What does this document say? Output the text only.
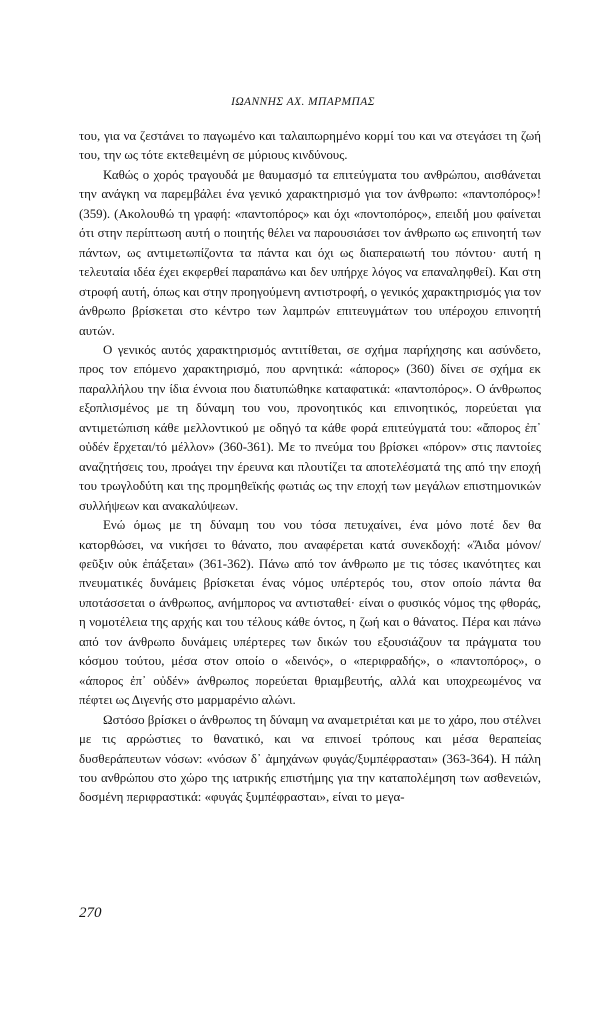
ΙΩΑΝΝΗΣ ΑΧ. ΜΠΑΡΜΠΑΣ

του, για να ζεστάνει το παγωμένο και ταλαιπωρημένο κορμί του και να στεγάσει τη ζωή του, την ως τότε εκτεθειμένη σε μύριους κινδύνους.

Καθώς ο χορός τραγουδά με θαυμασμό τα επιτεύγματα του ανθρώπου, αισθάνεται την ανάγκη να παρεμβάλει ένα γενικό χαρακτηρισμό για τον άνθρωπο: «παντοπόρος»! (359). (Ακολουθώ τη γραφή: «παντοπόρος» και όχι «ποντοπόρος», επειδή μου φαίνεται ότι στην περίπτωση αυτή ο ποιητής θέλει να παρουσιάσει τον άνθρωπο ως επινοητή των πάντων, ως αντιμετωπίζοντα τα πάντα και όχι ως διαπεραιωτή του πόντου· αυτή η τελευταία ιδέα έχει εκφερθεί παραπάνω και δεν υπήρχε λόγος να επαναληφθεί). Και στη στροφή αυτή, όπως και στην προηγούμενη αντιστροφή, ο γενικός χαρακτηρισμός για τον άνθρωπο βρίσκεται στο κέντρο των λαμπρών επιτευγμάτων του υπέροχου επινοητή αυτών.

Ο γενικός αυτός χαρακτηρισμός αντιτίθεται, σε σχήμα παρήχησης και ασύνδετο, προς τον επόμενο χαρακτηρισμό, που αρνητικά: «άπορος» (360) δίνει σε σχήμα εκ παραλλήλου την ίδια έννοια που διατυπώθηκε καταφατικά: «παντοπόρος». Ο άνθρωπος εξοπλισμένος με τη δύναμη του νου, προνοητικός και επινοητικός, πορεύεται για αντιμετώπιση κάθε μελλοντικού με οδηγό τα κάθε φορά επιτεύγματά του: «ἄπορος ἐπ᾽ οὐδέν ἔρχεται/τό μέλλον» (360-361). Με το πνεύμα του βρίσκει «πόρον» στις παντοίες αναζητήσεις του, προάγει την έρευνα και πλουτίζει τα αποτελέσματά της από την εποχή του τρωγλοδύτη και της προμηθεϊκής φωτιάς ως την εποχή των μεγάλων επιστημονικών συλλήψεων και ανακαλύψεων.

Ενώ όμως με τη δύναμη του νου τόσα πετυχαίνει, ένα μόνο ποτέ δεν θα κατορθώσει, να νικήσει το θάνατο, που αναφέρεται κατά συνεκδοχή: «Ἅιδα μόνον/φεῦξιν οὐκ ἐπάξεται» (361-362). Πάνω από τον άνθρωπο με τις τόσες ικανότητες και πνευματικές δυνάμεις βρίσκεται ένας νόμος υπέρτερός του, στον οποίο πάντα θα υποτάσσεται ο άνθρωπος, ανήμπορος να αντισταθεί· είναι ο φυσικός νόμος της φθοράς, η νομοτέλεια της αρχής και του τέλους κάθε όντος, η ζωή και ο θάνατος. Πέρα και πάνω από τον άνθρωπο δυνάμεις υπέρτερες των δικών του εξουσιάζουν τα πράγματα του κόσμου τούτου, μέσα στον οποίο ο «δεινός», ο «περιφραδής», ο «παντοπόρος», ο «άπορος ἐπ᾽ οὐδέν» άνθρωπος πορεύεται θριαμβευτής, αλλά και υποχρεωμένος να πέφτει ως Διγενής στο μαρμαρένιο αλώνι.

Ωστόσο βρίσκει ο άνθρωπος τη δύναμη να αναμετριέται και με το χάρο, που στέλνει με τις αρρώστιες το θανατικό, και να επινοεί τρόπους και μέσα θεραπείας δυσθεράπευτων νόσων: «νόσων δ᾽ ἀμηχάνων φυγάς/ξυμπέφρασται» (363-364). Η πάλη του ανθρώπου στο χώρο της ιατρικής επιστήμης για την καταπολέμηση των ασθενειών, δοσμένη περιφραστικά: «φυγάς ξυμπέφρασται», είναι το μεγα-

270
